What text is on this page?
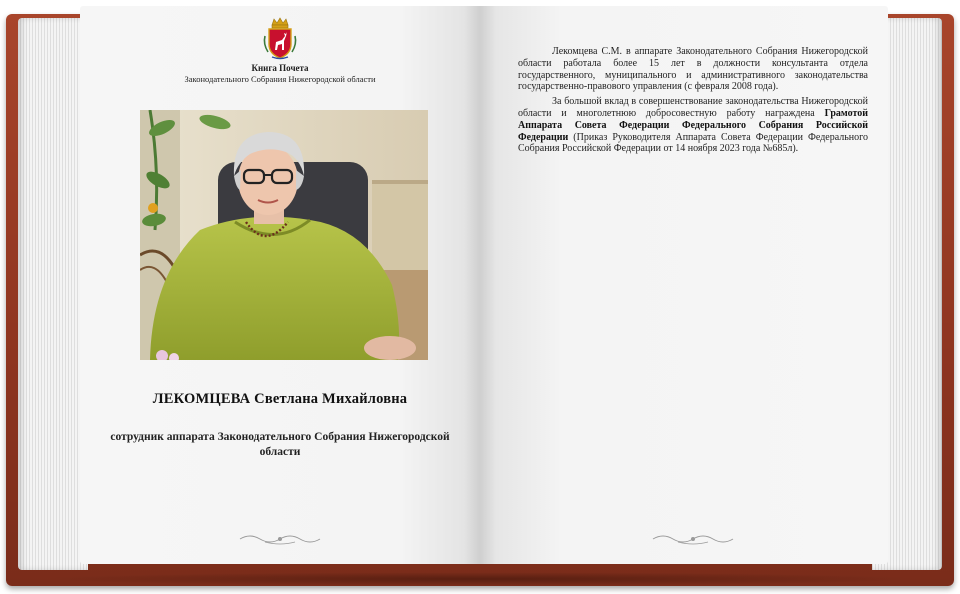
Книга Почета
Законодательного Собрания Нижегородской области
ЛЕКОМЦЕВА Светлана Михайловна
сотрудник аппарата Законодательного Собрания Нижегородской области

Лекомцева С.М. в аппарате Законодательного Собрания Нижегородской области работала более 15 лет в должности консультанта отдела государственного, муниципального и административного законодательства государственно-правового управления (с февраля 2008 года).

За большой вклад в совершенствование законодательства Нижегородской области и многолетнюю добросовестную работу награждена Грамотой Аппарата Совета Федерации Федерального Собрания Российской Федерации (Приказ Руководителя Аппарата Совета Федерации Федерального Собрания Российской Федерации от 14 ноября 2023 года №685л).
